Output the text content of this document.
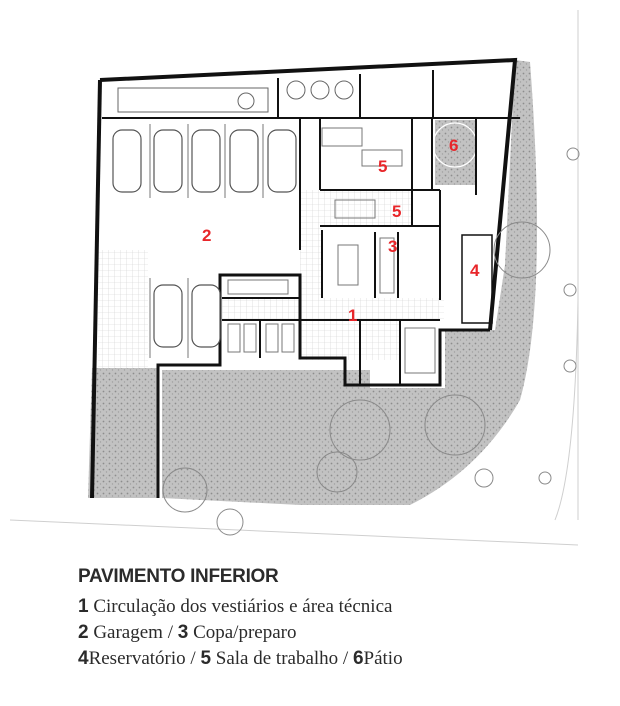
2
1
3
4
5
5
6
PAVIMENTO INFERIOR
1 Circulação dos vestiários e área técnica
2 Garagem / 3 Copa/preparo
4Reservatório / 5 Sala de trabalho / 6Pátio
